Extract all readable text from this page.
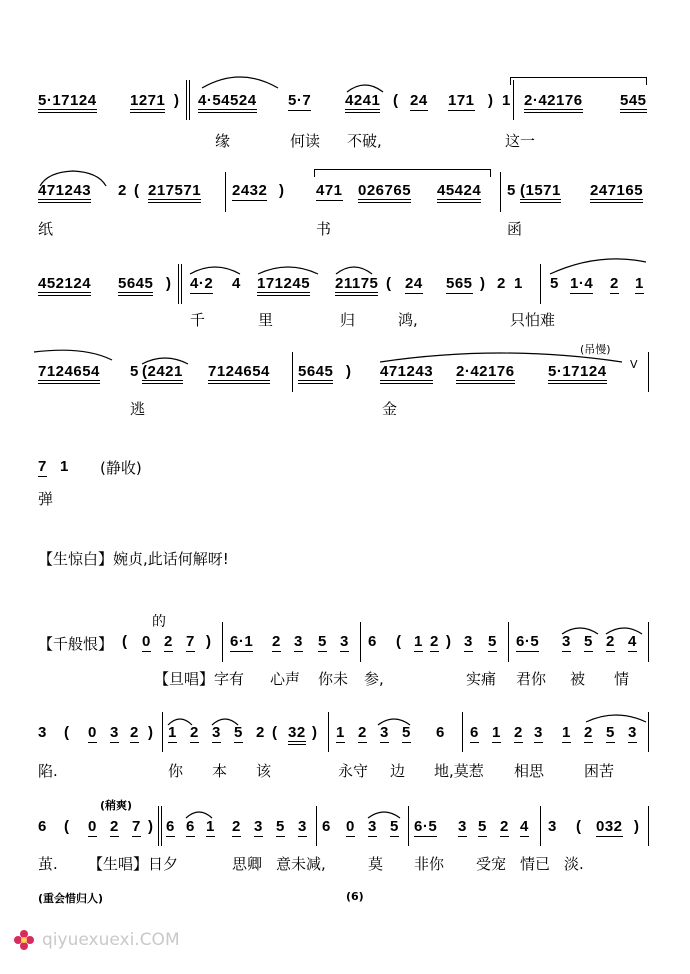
5·17124 1271 ) 4·54524 5·7 4241 ( 24 171 ) 1 2·42176 545
缘	何读 不破,	这一
471243 2 ( 217571 2432 ) 471 026765 45424 5 (1571 247165
纸	书	函
452124 5645 ) 4·2 4 171245 21175 ( 24 565 ) 2 1 5 1·4 2 1
千	里	归	鸿,	只怕难
(吊慢)
7124654 5 (2421 7124654 5645 ) 471243 2·42176 5·17124 V
逃	金
7 1 (静收)
弹
【生惊白】婉贞,此话何解呀!
的
【千般恨】 ( 0 2 7 ) 6·1 2 3 5 3 6 ( 1 2 ) 3 5 6·5 3 5 2 4
【旦唱】字有 心声 你未 参,	实痛 君你 被 情
3 ( 0 3 2 ) 1 2 3 5 2 ( 32 ) 1 2 3 5 6 6 1 2 3 1 2 5 3
陷.	你 本 该	永守 边 地,莫惹 相思	困苦
(稍爽)
6 ( 0 2 7 ) 6 6 1 2 3 5 3 6 0 3 5 6·5 3 5 2 4 3 ( 032 )
茧. 【生唱】日夕	思卿 意未减,	莫 非你 受宠 情已 淡.
(重会惜归人)	(6)
qiyuexuexi.COM
